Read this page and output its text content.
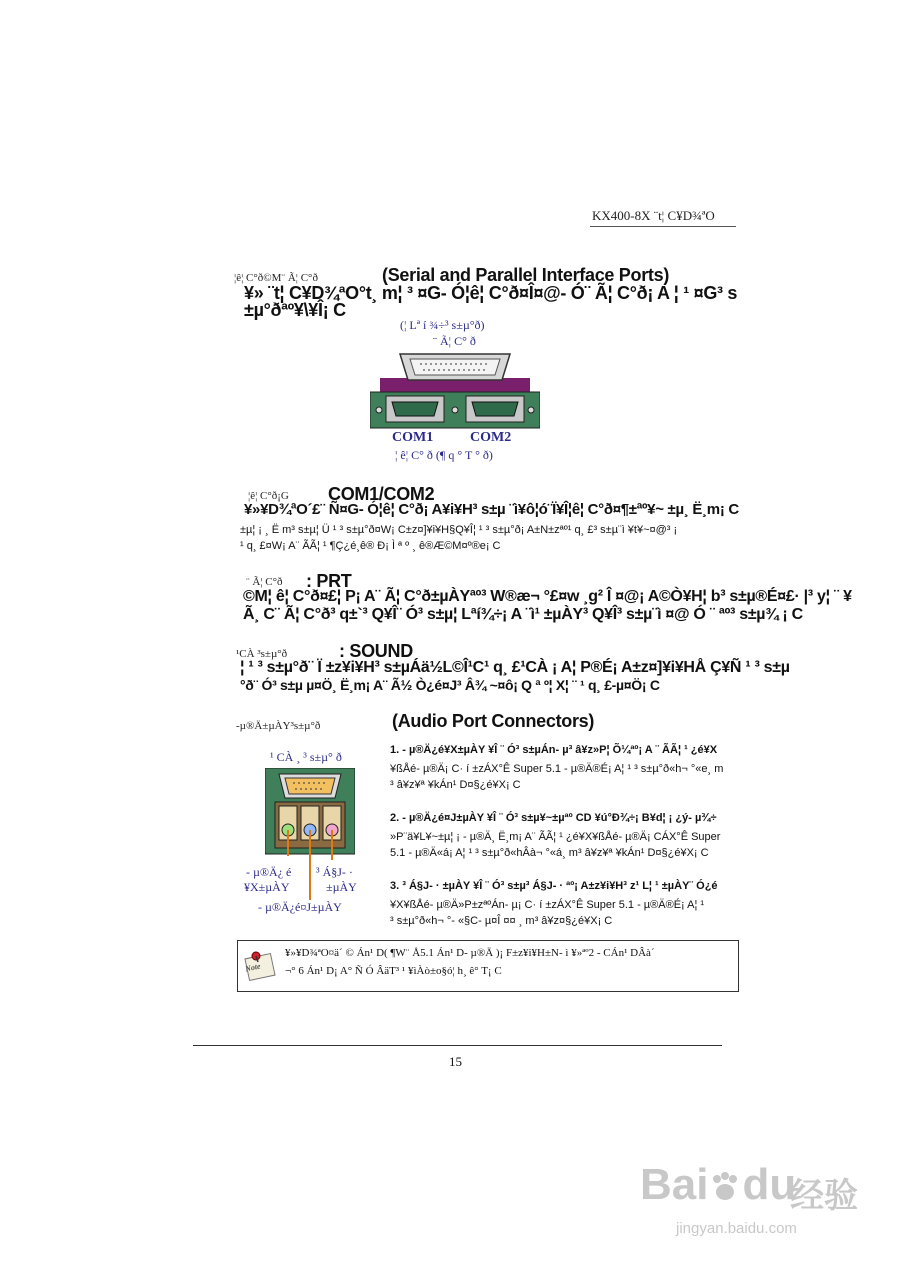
KX400-8X ¨t¦ C¥D¾ªO
¦ê¦ C°ð©M¨ Ã¦ C°ð	(Serial and Parallel Interface Ports)
¥» ¨t¦ C¥D¾ªO°t¸ m¦ ³ ¤G- Ó¦ê¦ C°ð¤Î¤@- Ó¨ Ã¦ C°ð¡ A ¦ ¹ ¤G³ s
±µ°ðªº¥\¥Î¡ C
(¦ Lª í ¾÷³ s±µ°ð)
¨ Ã¦ C° ð
COM1	COM2
¦ ê¦ C° ð (¶ q ° T ° ð)
¦ê¦ C°ð¡G COM1/COM2
¥»¥D¾ªO´£¨ Ñ¤G- Ó¦ê¦ C°ð¡ A¥i¥H³ s±µ ¨ì¥ô¦ó¨Ï¥Î¦ê¦ C°ð¤¶±ªº¥~ ±µ¸ Ë¸m¡ C
±µ¦ ¡ ¸ Ë m³ s±µ¦ Ü ¹ ³ s±µ°ð¤W¡ C±z¤]¥i¥H§Q¥Î¦ ¹ ³ s±µ°ð¡ A±N±zªº¹ q¸ £³ s±µ¨ì ¥t¥~¤@³ ¡
¹ q¸ £¤W¡ A¨ ÃÃ¦ ¹ ¶Ç¿é¸ê® Ð¡ Ì ª º ¸ ê®Æ©M¤º®e¡ C
¨ Ã¦ C°ð : PRT
©M¦ ê¦ C°ð¤£¦ P¡ A¨ Ã¦ C°ð±µÀYªº³ W®æ¬ °£¤w ¸g² Î ¤@¡ A©Ò¥H¦ b³ s±µ®É¤£· |³ y¦ ¨ ¥
Ã¸ C¨ Ã¦ C°ð³ q±`³ Q¥Î¨ Ó³ s±µ¦ Lªí¾÷¡ A ¨ì¹ ±µÀY³ Q¥Î³ s±µ¨ì ¤@ Ó ¨ ªº³ s±µ¾ ¡ C
¹CÀ ³s±µ°ð	: SOUND
¦ ¹ ³ s±µ°ð¨ Ï ±z¥i¥H³ s±µÁä½L©Î¹C¹ q¸ £¹CÀ ¡ A¦ P®É¡ A±z¤]¥i¥HÅ Ç¥Ñ ¹ ³ s±µ
°ð¨ Ó³ s±µ µ¤Ö¸ Ë¸m¡ A¨ Ã½ Ò¿é¤J³ Â¾ ~¤ô¡ Q ª º¦ X¦ ¨ ¹ q¸ £-µ¤Ö¡ C
-µ®Ä±µÀY³s±µ°ð	(Audio Port Connectors)
¹ CÀ ¸ ³ s±µ° ð
- µ®Ä¿ é
¥X±µÀY
³ Á§J- ·
±µÀY
- µ®Ä¿é¤J±µÀY
1. - µ®Ä¿é¥X±µÀY ¥Î ¨ Ó³ s±µÁn- µ³ â¥z»P¦ Õ¼ªº¡ A ¨ ÃÃ¦ ¹ ¿é¥X
¥ßÅé- µ®Ä¡ C· í ±zÁX°Ê Super 5.1 - µ®Ä®É¡ A¦ ¹ ³ s±µ°ð«h¬ °«e¸ m
³ â¥z¥ª ¥kÁn¹ D¤§¿é¥X¡ C
2. - µ®Ä¿é¤J±µÀY ¥Î ¨ Ó³ s±µ¥~±µªº CD ¥ú°Ð¾÷¡ B¥d¦ ¡ ¿ý- µ¾÷
»P¨ä¥L¥~±µ¦ ¡ - µ®Ä¸ Ë¸m¡ A¨ ÃÃ¦ ¹ ¿é¥X¥ßÅé- µ®Ä¡ CÁX°Ê Super
5.1 - µ®Ä«á¡ A¦ ¹ ³ s±µ°ð«hÂà¬ °«á¸ m³ â¥z¥ª ¥kÁn¹ D¤§¿é¥X¡ C
3. ³ Á§J- · ±µÀY ¥Î ¨ Ó³ s±µ³ Á§J- · ªº¡ A±z¥i¥H³ z¹ L¦ ¹ ±µÀY¨ Ó¿é
¥X¥ßÅé- µ®Ä»P±zªºÁn- µ¡ C· í ±zÁX°Ê Super 5.1 - µ®Ä®É¡ A¦ ¹
³ s±µ°ð«h¬ °- «§C- µ¤Î ¤¤ ¸ m³ â¥z¤§¿é¥X¡ C
Note
¥»¥D¾ªO¤ä´ © Án¹ D( ¶W¨ Å5.1 Án¹ D- µ®Ä )¡ F±z¥i¥H±N- ì ¥»ªº2 - CÁn¹ DÂà´
¬° 6 Án¹ D¡ A° Ñ Ó ÂäT³ ¹ ¥ìÀò±o§ó¦ h¸ ê° T¡ C
15
Bai du
经验
jingyan.baidu.com
